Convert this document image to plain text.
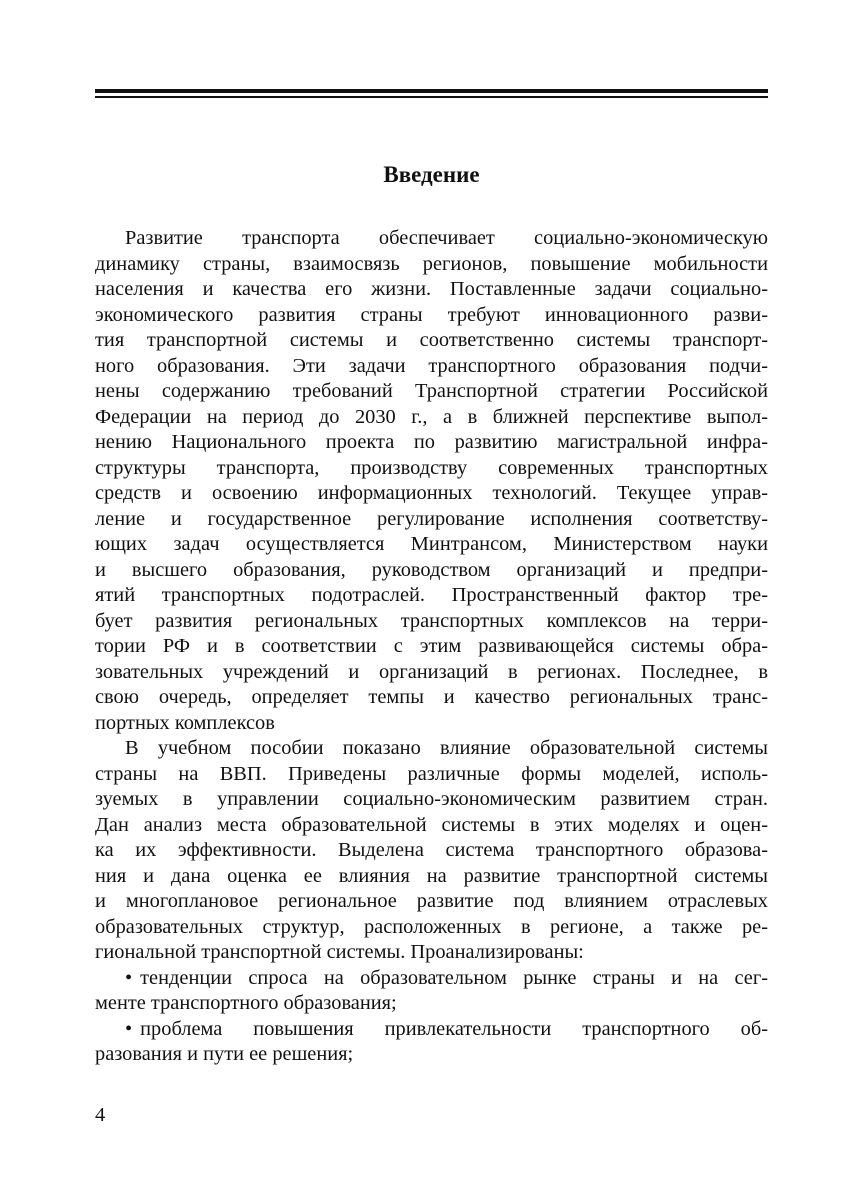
Введение
Развитие транспорта обеспечивает социально-экономическую
динамику страны, взаимосвязь регионов, повышение мобильности
населения и качества его жизни. Поставленные задачи социально-
экономического развития страны требуют инновационного разви-
тия транспортной системы и соответственно системы транспорт-
ного образования. Эти задачи транспортного образования подчи-
нены содержанию требований Транспортной стратегии Российской
Федерации на период до 2030 г., а в ближней перспективе выпол-
нению Национального проекта по развитию магистральной инфра-
структуры транспорта, производству современных транспортных
средств и освоению информационных технологий. Текущее управ-
ление и государственное регулирование исполнения соответству-
ющих задач осуществляется Минтрансом, Министерством науки
и высшего образования, руководством организаций и предпри-
ятий транспортных подотраслей. Пространственный фактор тре-
бует развития региональных транспортных комплексов на терри-
тории РФ и в соответствии с этим развивающейся системы обра-
зовательных учреждений и организаций в регионах. Последнее, в
свою очередь, определяет темпы и качество региональных транс-
портных комплексов
В учебном пособии показано влияние образовательной системы
страны на ВВП. Приведены различные формы моделей, исполь-
зуемых в управлении социально-экономическим развитием стран.
Дан анализ места образовательной системы в этих моделях и оцен-
ка их эффективности. Выделена система транспортного образова-
ния и дана оценка ее влияния на развитие транспортной системы
и многоплановое региональное развитие под влиянием отраслевых
образовательных структур, расположенных в регионе, а также ре-
гиональной транспортной системы. Проанализированы:
• тенденции спроса на образовательном рынке страны и на сег-
менте транспортного образования;
• проблема повышения привлекательности транспортного об-
разования и пути ее решения;
4
